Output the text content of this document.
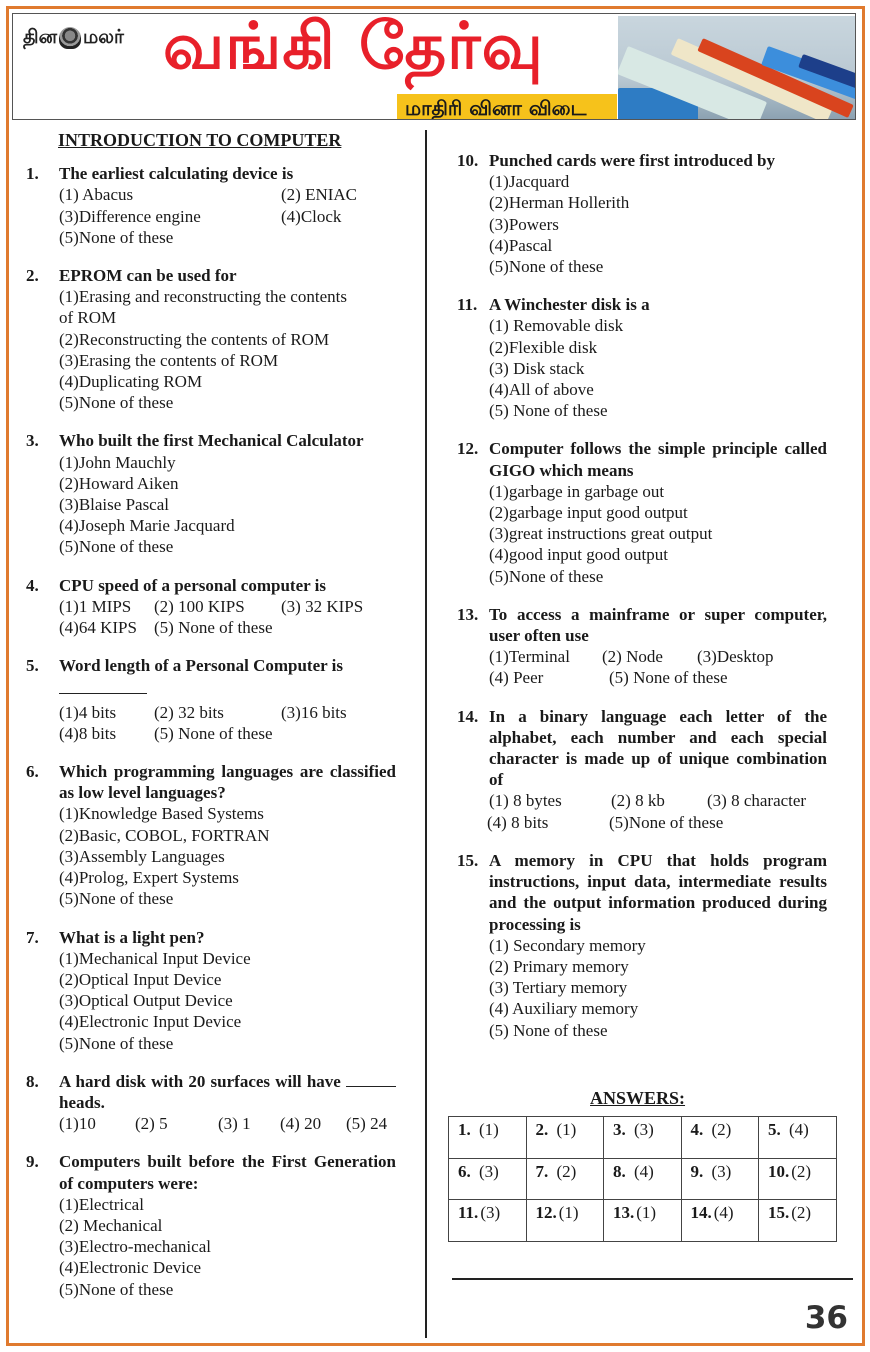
தின மலர் வங்கி தேர்வு
மாதிரி வினா விடை
INTRODUCTION TO COMPUTER
1.	The earliest calculating device is
(1) Abacus	(2) ENIAC
(3)Difference engine	(4)Clock
(5)None of these
2.	EPROM can be used for
(1)Erasing and reconstructing the contents
of ROM
(2)Reconstructing the contents of ROM
(3)Erasing the contents of ROM
(4)Duplicating ROM
(5)None of these
3.	Who built the first Mechanical Calculator
(1)John Mauchly
(2)Howard Aiken
(3)Blaise Pascal
(4)Joseph Marie Jacquard
(5)None of these
4.	CPU speed of a personal computer is
(1)1 MIPS	(2) 100 KIPS	(3) 32 KIPS
(4)64 KIPS	(5) None of these
5.	Word length of a Personal Computer is
(1)4 bits	(2) 32 bits	(3)16 bits
(4)8 bits	(5) None of these
6.	Which programming languages are classified as low level languages?
(1)Knowledge Based Systems
(2)Basic, COBOL, FORTRAN
(3)Assembly Languages
(4)Prolog, Expert Systems
(5)None of these
7.	What is a light pen?
(1)Mechanical Input Device
(2)Optical Input Device
(3)Optical Output Device
(4)Electronic Input Device
(5)None of these
8.	A hard disk with 20 surfaces will have  heads.
(1)10	(2) 5	(3) 1	(4) 20	(5) 24
9.	Computers built before the First Generation of computers were:
(1)Electrical
(2) Mechanical
(3)Electro-mechanical
(4)Electronic Device
(5)None of these
10. Punched cards were first introduced by
(1)Jacquard
(2)Herman Hollerith
(3)Powers
(4)Pascal
(5)None of these
11. A Winchester disk is a
(1) Removable disk
(2)Flexible disk
(3) Disk stack
(4)All of above
(5) None of these
12. Computer follows the simple principle called GIGO which means
(1)garbage in garbage out
(2)garbage input good output
(3)great instructions great output
(4)good input good output
(5)None of these
13. To access a mainframe or super computer, user often use
(1)Terminal	(2) Node	(3)Desktop
(4) Peer	(5) None of these
14. In a binary language each letter of the alphabet, each number and each special character is made up of unique combination of
(1) 8 bytes	(2) 8 kb	(3) 8 character
(4) 8 bits	(5)None of these
15. A memory in CPU that holds program instructions, input data, intermediate results and the output information produced during processing is
(1) Secondary memory
(2) Primary memory
(3) Tertiary memory
(4) Auxiliary memory
(5) None of these
ANSWERS:
1. (1)	2. (1)	3. (3)	4. (2)	5. (4)
6. (3)	7. (2)	8. (4)	9. (3)	10. (2)
11. (3)	12. (1)	13. (1)	14. (4)	15. (2)
36
